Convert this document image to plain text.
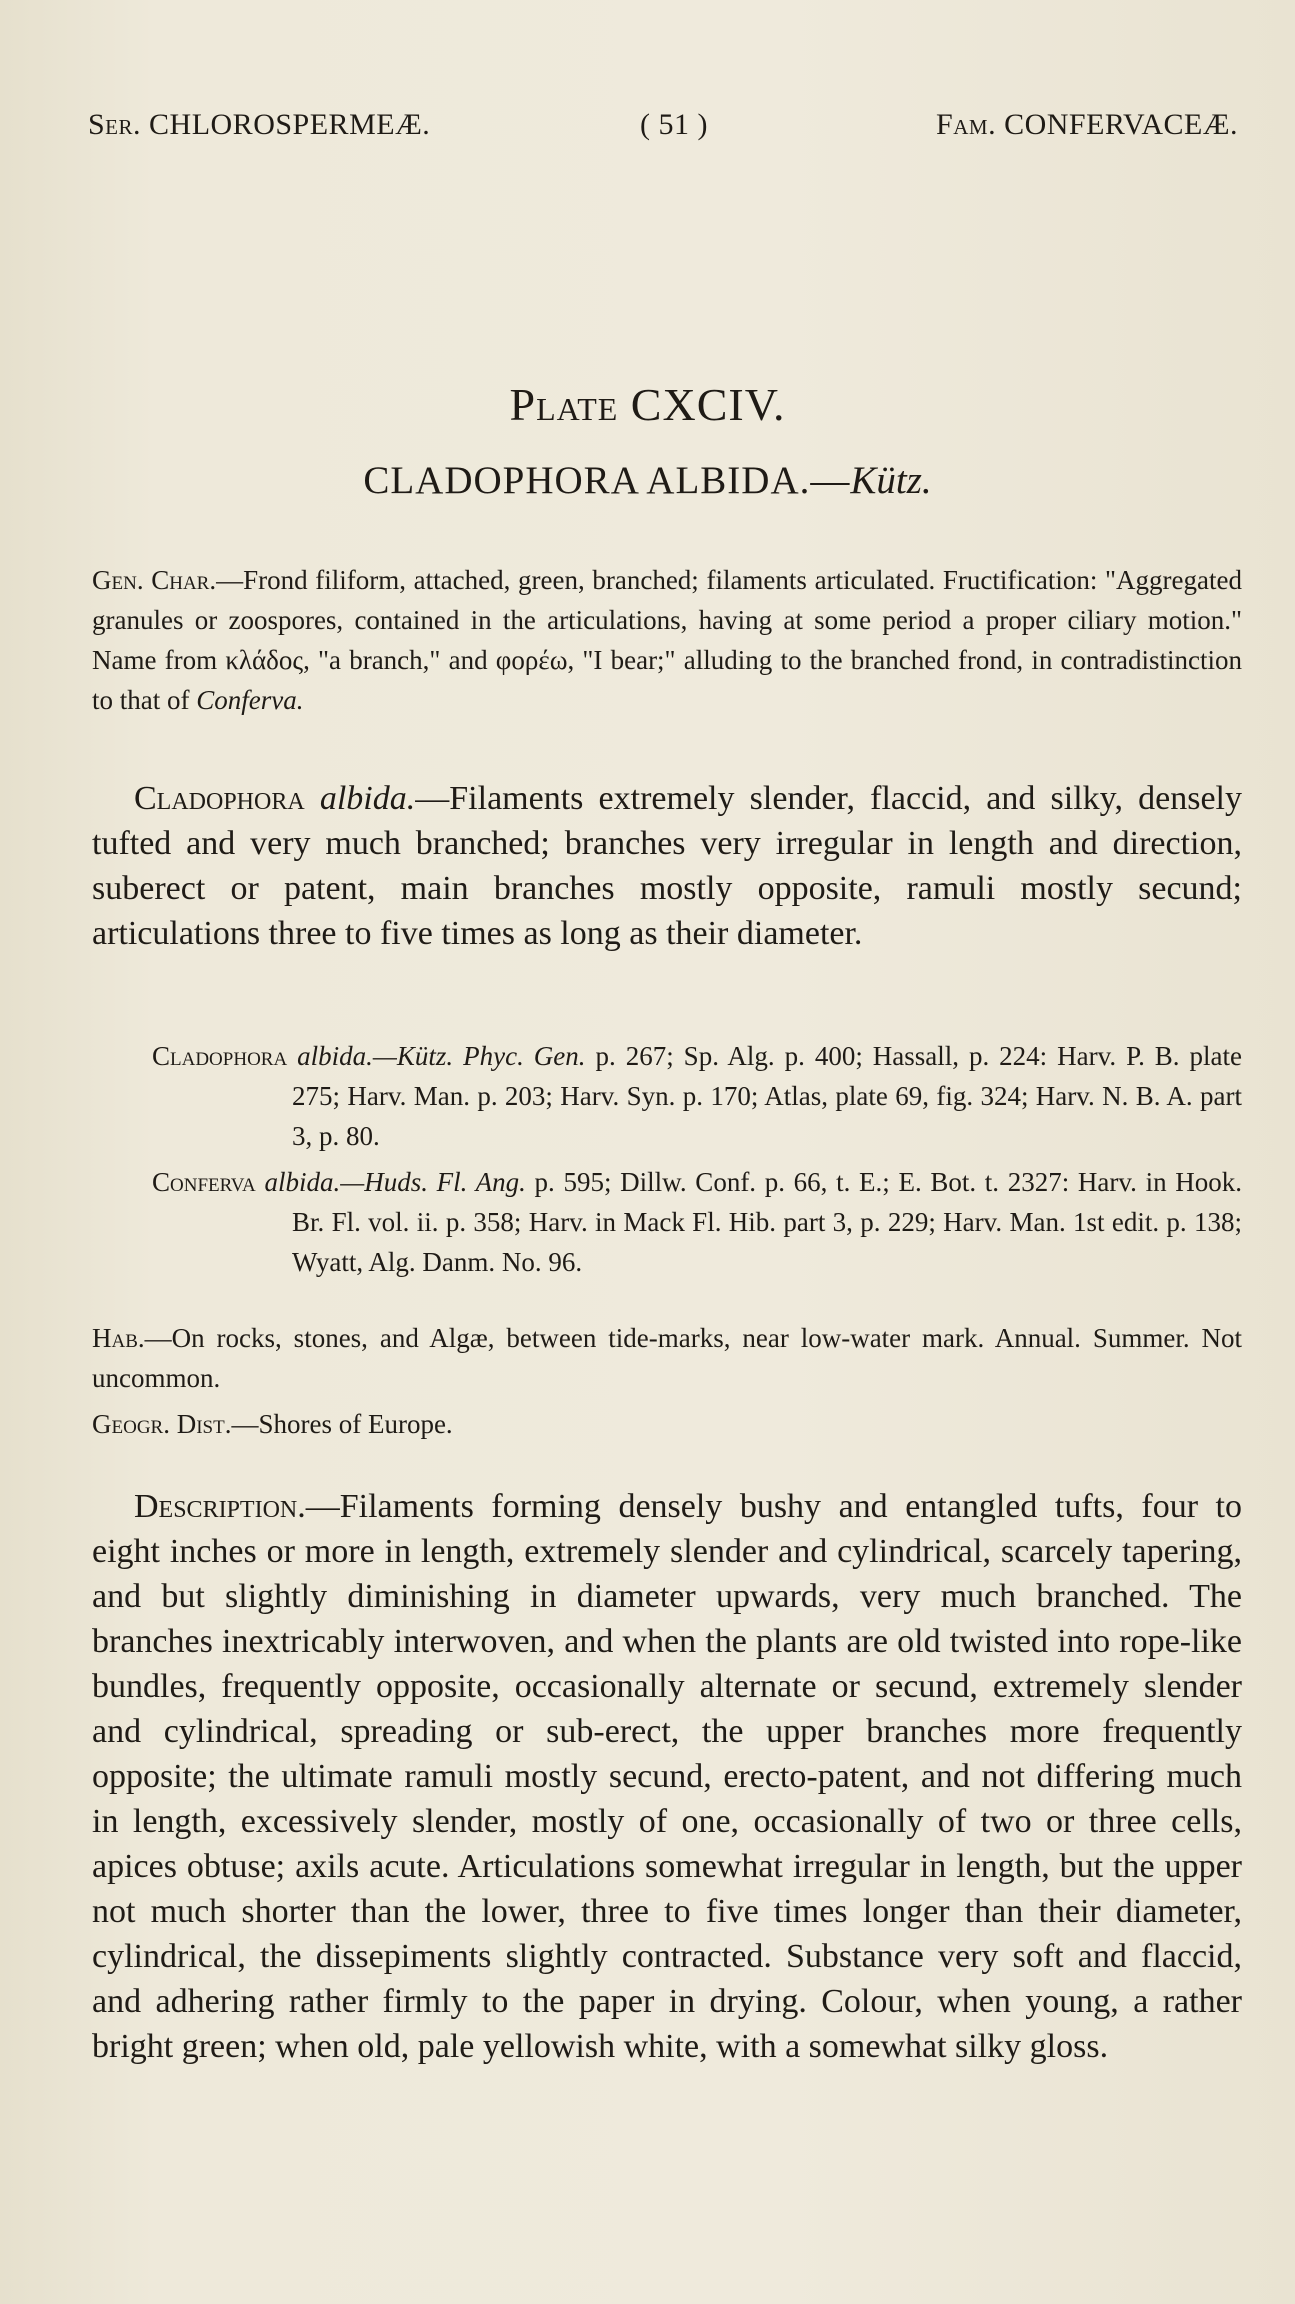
Ser. CHLOROSPERMEÆ.	( 51 )	Fam. CONFERVACEÆ.
Plate CXCIV.
CLADOPHORA ALBIDA.—Kütz.

Gen. Char.—Frond filiform, attached, green, branched; filaments articulated. Fructification: "Aggregated granules or zoospores, contained in the articulations, having at some period a proper ciliary motion." Name from κλάδος, "a branch," and φορέω, "I bear;" alluding to the branched frond, in contradistinction to that of Conferva.

Cladophora albida.—Filaments extremely slender, flaccid, and silky, densely tufted and very much branched; branches very irregular in length and direction, suberect or patent, main branches mostly opposite, ramuli mostly secund; articulations three to five times as long as their diameter.

Cladophora albida.—Kütz. Phyc. Gen. p. 267; Sp. Alg. p. 400; Hassall, p. 224: Harv. P. B. plate 275; Harv. Man. p. 203; Harv. Syn. p. 170; Atlas, plate 69, fig. 324; Harv. N. B. A. part 3, p. 80.

Conferva albida.—Huds. Fl. Ang. p. 595; Dillw. Conf. p. 66, t. E.; E. Bot. t. 2327: Harv. in Hook. Br. Fl. vol. ii. p. 358; Harv. in Mack Fl. Hib. part 3, p. 229; Harv. Man. 1st edit. p. 138; Wyatt, Alg. Danm. No. 96.

Hab.—On rocks, stones, and Algæ, between tide-marks, near low-water mark. Annual. Summer. Not uncommon.

Geogr. Dist.—Shores of Europe.

Description.—Filaments forming densely bushy and entangled tufts, four to eight inches or more in length, extremely slender and cylindrical, scarcely tapering, and but slightly diminishing in diameter upwards, very much branched. The branches inextricably interwoven, and when the plants are old twisted into rope-like bundles, frequently opposite, occasionally alternate or secund, extremely slender and cylindrical, spreading or sub-erect, the upper branches more frequently opposite; the ultimate ramuli mostly secund, erecto-patent, and not differing much in length, excessively slender, mostly of one, occasionally of two or three cells, apices obtuse; axils acute. Articulations somewhat irregular in length, but the upper not much shorter than the lower, three to five times longer than their diameter, cylindrical, the dissepiments slightly contracted. Substance very soft and flaccid, and adhering rather firmly to the paper in drying. Colour, when young, a rather bright green; when old, pale yellowish white, with a somewhat silky gloss.
